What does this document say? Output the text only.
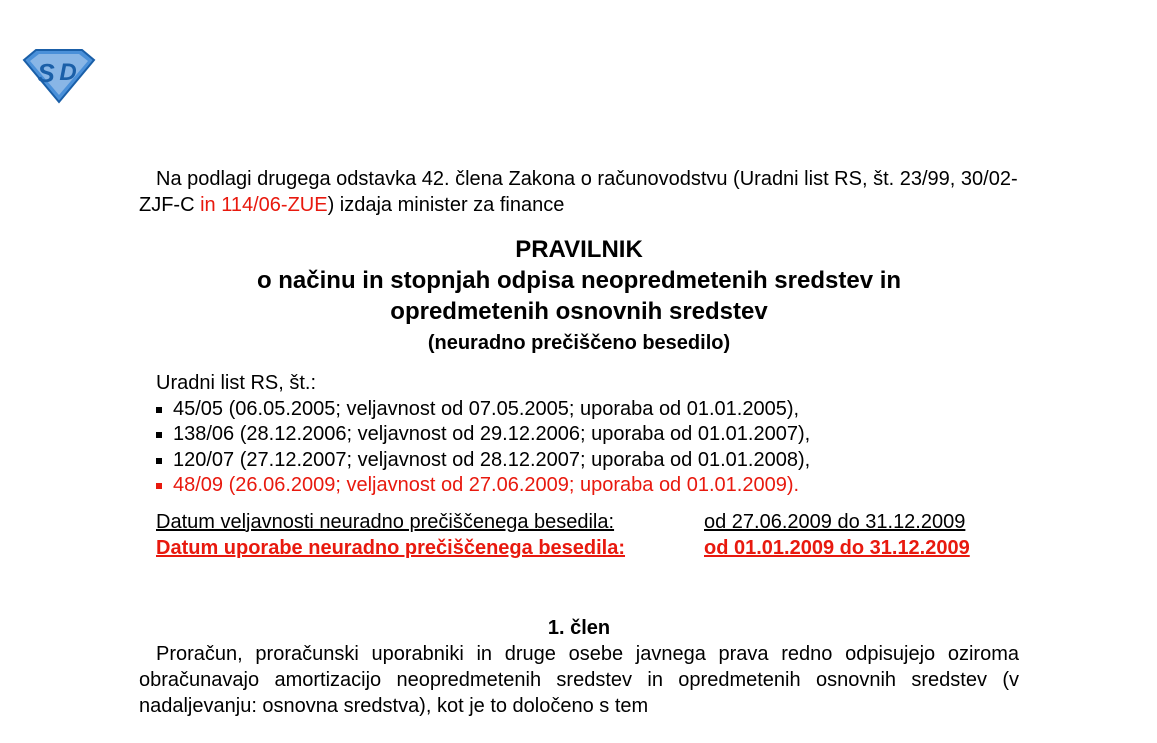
S D

Na podlagi drugega odstavka 42. člena Zakona o računovodstvu (Uradni list RS, št. 23/99, 30/02-ZJF-C in 114/06-ZUE) izdaja minister za finance

PRAVILNIK

o načinu in stopnjah odpisa neopredmetenih sredstev in opredmetenih osnovnih sredstev

(neuradno prečiščeno besedilo)

Uradni list RS, št.:
45/05 (06.05.2005; veljavnost od 07.05.2005; uporaba od 01.01.2005),
138/06 (28.12.2006; veljavnost od 29.12.2006; uporaba od 01.01.2007),
120/07 (27.12.2007; veljavnost od 28.12.2007; uporaba od 01.01.2008),
48/09 (26.06.2009; veljavnost od 27.06.2009; uporaba od 01.01.2009).
Datum veljavnosti neuradno prečiščenega besedila:	od 27.06.2009 do 31.12.2009
Datum uporabe neuradno prečiščenega besedila:	od 01.01.2009 do 31.12.2009
1. člen

Proračun, proračunski uporabniki in druge osebe javnega prava redno odpisujejo oziroma obračunavajo amortizacijo neopredmetenih sredstev in opredmetenih osnovnih sredstev (v nadaljevanju: osnovna sredstva), kot je to določeno s tem
